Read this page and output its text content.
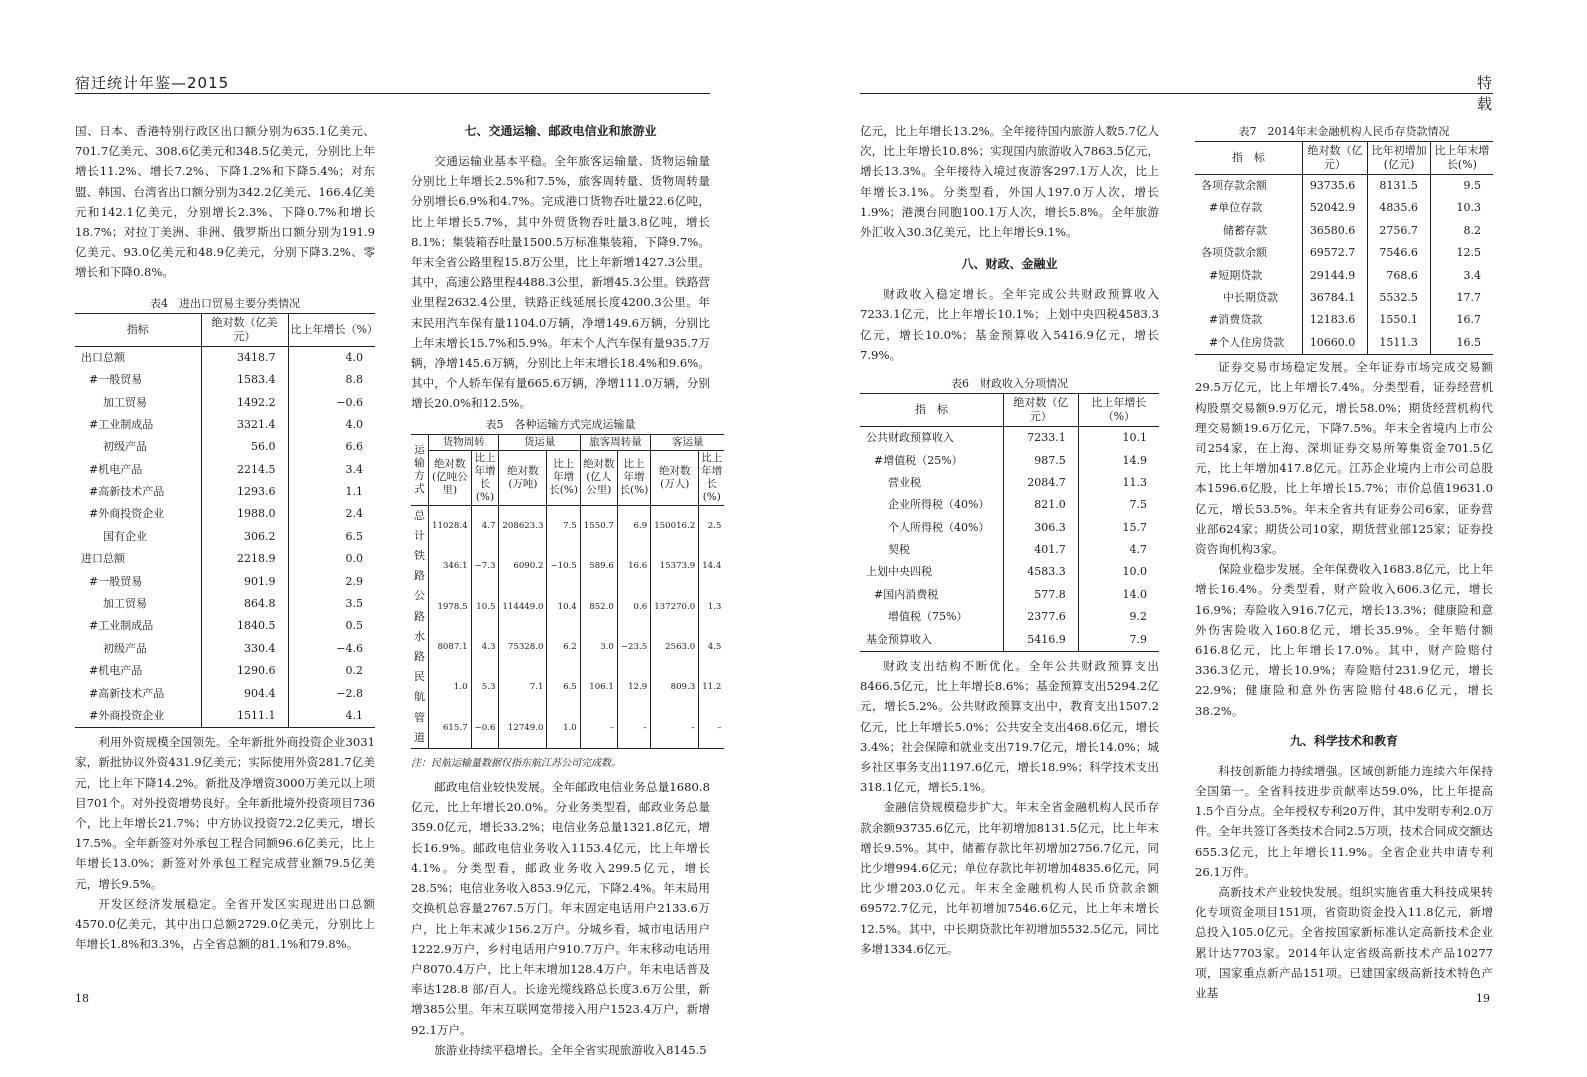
宿迁统计年鉴—2015

国、日本、香港特别行政区出口额分别为635.1亿美元、701.7亿美元、308.6亿美元和348.5亿美元，分别比上年增长11.2%、增长7.2%、下降1.2%和下降5.4%；对东盟、韩国、台湾省出口额分别为342.2亿美元、166.4亿美元和142.1亿美元，分别增长2.3%、下降0.7%和增长18.7%；对拉丁美洲、非洲、俄罗斯出口额分别为191.9亿美元、93.0亿美元和48.9亿美元，分别下降3.2%、零增长和下降0.8%。

表4　进出口贸易主要分类情况
指标	绝对数（亿美元）	比上年增长（%）
出口总额	3418.7	4.0
#一般贸易	1583.4	8.8
加工贸易	1492.2	−0.6
#工业制成品	3321.4	4.0
初级产品	56.0	6.6
#机电产品	2214.5	3.4
#高新技术产品	1293.6	1.1
#外商投资企业	1988.0	2.4
国有企业	306.2	6.5
进口总额	2218.9	0.0
#一般贸易	901.9	2.9
加工贸易	864.8	3.5
#工业制成品	1840.5	0.5
初级产品	330.4	−4.6
#机电产品	1290.6	0.2
#高新技术产品	904.4	−2.8
#外商投资企业	1511.1	4.1

利用外资规模全国领先。全年新批外商投资企业3031家，新批协议外资431.9亿美元；实际使用外资281.7亿美元，比上年下降14.2%。新批及净增资3000万美元以上项目701个。对外投资增势良好。全年新批境外投资项目736个，比上年增长21.7%；中方协议投资72.2亿美元，增长17.5%。全年新签对外承包工程合同额96.6亿美元，比上年增长13.0%；新签对外承包工程完成营业额79.5亿美元，增长9.5%。

开发区经济发展稳定。全省开发区实现进出口总额4570.0亿美元，其中出口总额2729.0亿美元，分别比上年增长1.8%和3.3%，占全省总额的81.1%和79.8%。

七、交通运输、邮政电信业和旅游业

交通运输业基本平稳。全年旅客运输量、货物运输量分别比上年增长2.5%和7.5%，旅客周转量、货物周转量分别增长6.9%和4.7%。完成港口货物吞吐量22.6亿吨，比上年增长5.7%，其中外贸货物吞吐量3.8亿吨，增长8.1%；集装箱吞吐量1500.5万标准集装箱，下降9.7%。年末全省公路里程15.8万公里，比上年新增1427.3公里。其中，高速公路里程4488.3公里，新增45.3公里。铁路营业里程2632.4公里，铁路正线延展长度4200.3公里。年末民用汽车保有量1104.0万辆，净增149.6万辆，分别比上年末增长15.7%和5.9%。年末个人汽车保有量935.7万辆，净增145.6万辆，分别比上年末增长18.4%和9.6%。其中，个人轿车保有量665.6万辆，净增111.0万辆，分别增长20.0%和12.5%。

表5　各种运输方式完成运输量
运输方式	货物周转		货运量		旅客周转量		客运量	
	绝对数(亿吨公里)	比上年增长(%)	绝对数(万吨)	比上年增长(%)	绝对数(亿人公里)	比上年增长(%)	绝对数(万人)	比上年增长(%)
总计	11028.4	4.7	208623.3	7.5	1550.7	6.9	150016.2	2.5
铁路	346.1	−7.3	6090.2	−10.5	589.6	16.6	15373.9	14.4
公路	1978.5	10.5	114449.0	10.4	852.0	0.6	137270.0	1.3
水路	8087.1	4.3	75328.0	6.2	3.0	−23.5	2563.0	4.5
民航	1.0	5.3	7.1	6.5	106.1	12.9	809.3	11.2
管道	615.7	−0.6	12749.0	1.0	–	–	–	–
注：民航运输量数据仅指东航江苏公司完成数。

邮政电信业较快发展。全年邮政电信业务总量1680.8亿元，比上年增长20.0%。分业务类型看，邮政业务总量359.0亿元，增长33.2%；电信业务总量1321.8亿元，增长16.9%。邮政电信业务收入1153.4亿元，比上年增长4.1%。分类型看，邮政业务收入299.5亿元，增长28.5%；电信业务收入853.9亿元，下降2.4%。年末局用交换机总容量2767.5万门。年末固定电话用户2133.6万户，比上年末减少156.2万户。分城乡看，城市电话用户1222.9万户，乡村电话用户910.7万户。年末移动电话用户8070.4万户，比上年末增加128.4万户。年末电话普及率达128.8 部/百人。长途光缆线路总长度3.6万公里，新增385公里。年末互联网宽带接入用户1523.4万户，新增92.1万户。

旅游业持续平稳增长。全年全省实现旅游收入8145.5

18
特 载

亿元，比上年增长13.2%。全年接待国内旅游人数5.7亿人次，比上年增长10.8%；实现国内旅游收入7863.5亿元，增长13.3%。全年接待入境过夜游客297.1万人次，比上年增长3.1%。分类型看，外国人197.0万人次，增长1.9%；港澳台同胞100.1万人次，增长5.8%。全年旅游外汇收入30.3亿美元，比上年增长9.1%。

八、财政、金融业

财政收入稳定增长。全年完成公共财政预算收入7233.1亿元，比上年增长10.1%；上划中央四税4583.3亿元，增长10.0%；基金预算收入5416.9亿元，增长7.9%。

表6　财政收入分项情况
指　标	绝对数（亿元）	比上年增长（%）
公共财政预算收入	7233.1	10.1
#增值税（25%）	987.5	14.9
营业税	2084.7	11.3
企业所得税（40%）	821.0	7.5
个人所得税（40%）	306.3	15.7
契税	401.7	4.7
上划中央四税	4583.3	10.0
#国内消费税	577.8	14.0
增值税（75%）	2377.6	9.2
基金预算收入	5416.9	7.9

财政支出结构不断优化。全年公共财政预算支出8466.5亿元，比上年增长8.6%；基金预算支出5294.2亿元，增长5.2%。公共财政预算支出中，教育支出1507.2亿元，比上年增长5.0%；公共安全支出468.6亿元，增长3.4%；社会保障和就业支出719.7亿元，增长14.0%；城乡社区事务支出1197.6亿元，增长18.9%；科学技术支出318.1亿元，增长5.1%。

金融信贷规模稳步扩大。年末全省金融机构人民币存款余额93735.6亿元，比年初增加8131.5亿元，比上年末增长9.5%。其中，储蓄存款比年初增加2756.7亿元，同比少增994.6亿元；单位存款比年初增加4835.6亿元，同比少增203.0亿元。年末全金融机构人民币贷款余额69572.7亿元，比年初增加7546.6亿元，比上年末增长12.5%。其中，中长期贷款比年初增加5532.5亿元，同比多增1334.6亿元。

表7　2014年末金融机构人民币存贷款情况
指　标	绝对数（亿元）	比年初增加(亿元)	比上年末增长(%)
各项存款余额	93735.6	8131.5	9.5
#单位存款	52042.9	4835.6	10.3
储蓄存款	36580.6	2756.7	8.2
各项贷款余额	69572.7	7546.6	12.5
#短期贷款	29144.9	768.6	3.4
中长期贷款	36784.1	5532.5	17.7
#消费贷款	12183.6	1550.1	16.7
#个人住房贷款	10660.0	1511.3	16.5

证券交易市场稳定发展。全年证券市场完成交易额29.5万亿元，比上年增长7.4%。分类型看，证券经营机构股票交易额9.9万亿元，增长58.0%；期货经营机构代理交易额19.6万亿元，下降7.5%。年末全省境内上市公司254家，在上海、深圳证券交易所筹集资金701.5亿元，比上年增加417.8亿元。江苏企业境内上市公司总股本1596.6亿股，比上年增长15.7%；市价总值19631.0亿元，增长53.5%。年末全省共有证券公司6家，证券营业部624家；期货公司10家，期货营业部125家；证券投资咨询机构3家。

保险业稳步发展。全年保费收入1683.8亿元，比上年增长16.4%。分类型看，财产险收入606.3亿元，增长16.9%；寿险收入916.7亿元，增长13.3%；健康险和意外伤害险收入160.8亿元，增长35.9%。全年赔付额616.8亿元，比上年增长17.0%。其中，财产险赔付336.3亿元，增长10.9%；寿险赔付231.9亿元，增长22.9%；健康险和意外伤害险赔付48.6亿元，增长38.2%。

九、科学技术和教育

科技创新能力持续增强。区域创新能力连续六年保持全国第一。全省科技进步贡献率达59.0%，比上年提高1.5个百分点。全年授权专利20万件，其中发明专利2.0万件。全年共签订各类技术合同2.5万项，技术合同成交额达655.3亿元，比上年增长11.9%。全省企业共申请专利26.1万件。

高新技术产业较快发展。组织实施省重大科技成果转化专项资金项目151项，省资助资金投入11.8亿元，新增总投入105.0亿元。全省按国家新标准认定高新技术企业累计达7703家。2014年认定省级高新技术产品10277项，国家重点新产品151项。已建国家级高新技术特色产业基	19
